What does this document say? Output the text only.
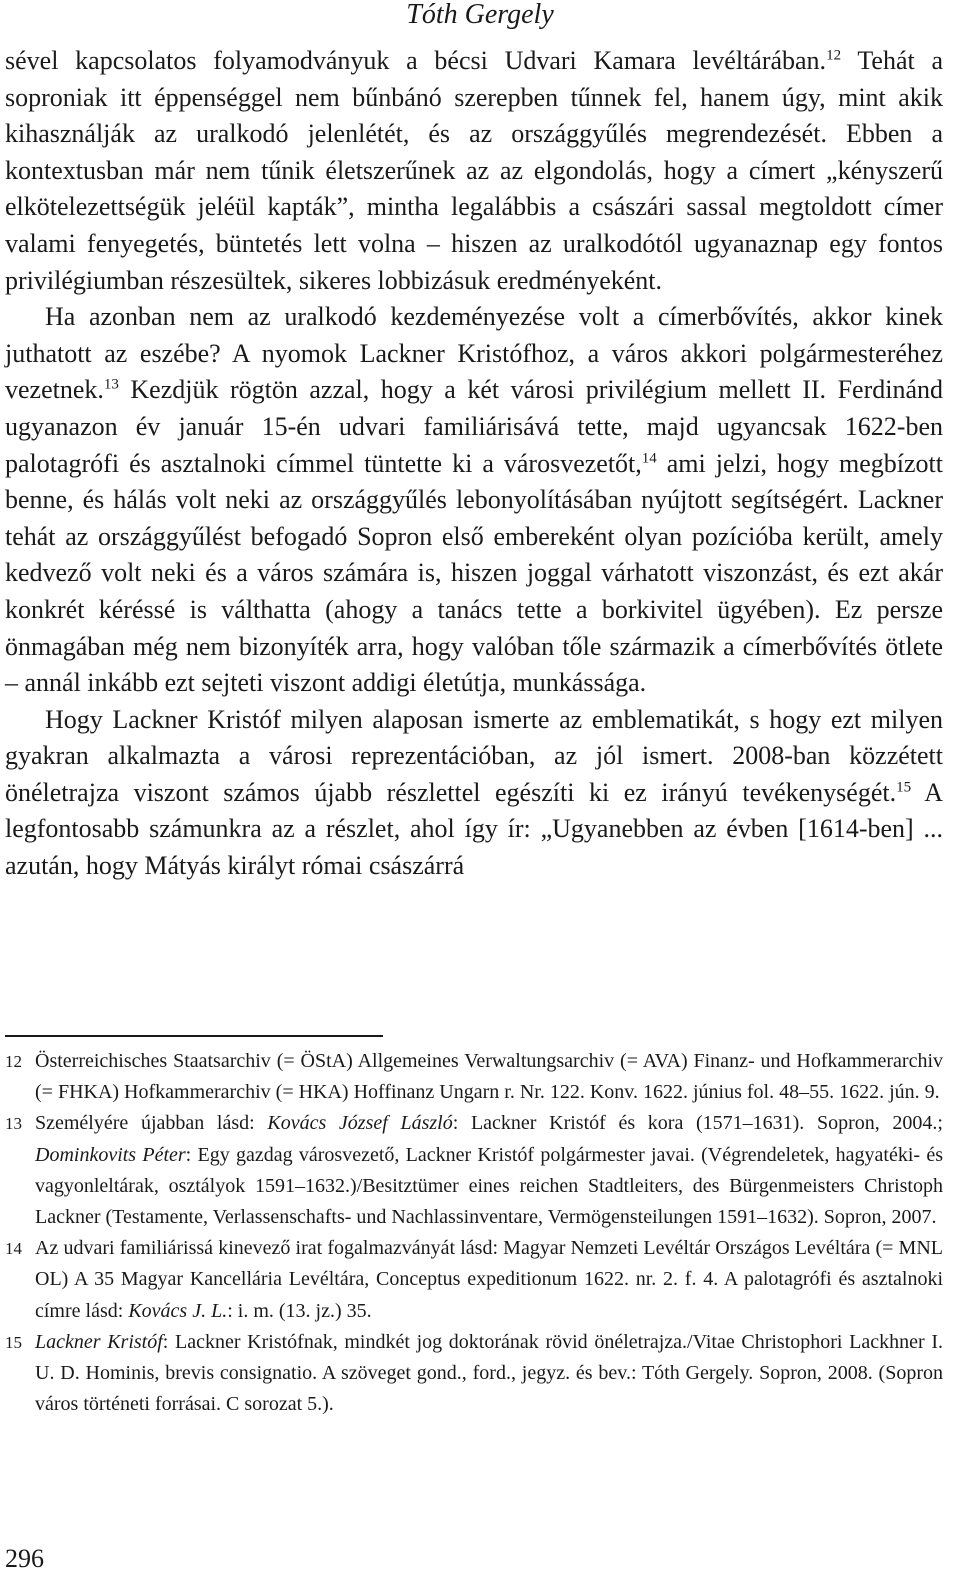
Tóth Gergely

sével kapcsolatos folyamodványuk a bécsi Udvari Kamara levéltárában.$^{12}$ Tehát a soproniak itt éppenséggel nem bűnbánó szerepben tűnnek fel, hanem úgy, mint akik kihasználják az uralkodó jelenlétét, és az országgyűlés megrendezését. Ebben a kontextusban már nem tűnik életszerűnek az az elgondolás, hogy a címert „kényszerű elkötelezettségük jeléül kapták”, mintha legalábbis a császári sassal megtoldott címer valami fenyegetés, büntetés lett volna – hiszen az uralkodótól ugyanaznap egy fontos privilégiumban részesültek, sikeres lobbizásuk eredményeként.

Ha azonban nem az uralkodó kezdeményezése volt a címerbővítés, akkor kinek juthatott az eszébe? A nyomok Lackner Kristófhoz, a város akkori polgármesteréhez vezetnek.$^{13}$ Kezdjük rögtön azzal, hogy a két városi privilégium mellett II. Ferdinánd ugyanazon év január 15-én udvari familiárisává tette, majd ugyancsak 1622-ben palotagrófi és asztalnoki címmel tüntette ki a városvezetőt,$^{14}$ ami jelzi, hogy megbízott benne, és hálás volt neki az országgyűlés lebonyolításában nyújtott segítségért. Lackner tehát az országgyűlést befogadó Sopron első embereként olyan pozícióba került, amely kedvező volt neki és a város számára is, hiszen joggal várhatott viszonzást, és ezt akár konkrét kéréssé is válthatta (ahogy a tanács tette a borkivitel ügyében). Ez persze önmagában még nem bizonyíték arra, hogy valóban tőle származik a címerbővítés ötlete – annál inkább ezt sejteti viszont addigi életútja, munkássága.

Hogy Lackner Kristóf milyen alaposan ismerte az emblematikát, s hogy ezt milyen gyakran alkalmazta a városi reprezentációban, az jól ismert. 2008-ban közzétett önéletrajza viszont számos újabb részlettel egészíti ki ez irányú tevékenységét.$^{15}$ A legfontosabb számunkra az a részlet, ahol így ír: „Ugyanebben az évben [1614-ben] ... azután, hogy Mátyás királyt római császárrá

12 Österreichisches Staatsarchiv (= ÖStA) Allgemeines Verwaltungsarchiv (= AVA) Finanz- und Hofkammerarchiv (= FHKA) Hofkammerarchiv (= HKA) Hoffinanz Ungarn r. Nr. 122. Konv. 1622. június fol. 48–55. 1622. jún. 9.
13 Személyére újabban lásd: Kovács József László: Lackner Kristóf és kora (1571–1631). Sopron, 2004.; Dominkovits Péter: Egy gazdag városvezető, Lackner Kristóf polgármester javai. (Végrendeletek, hagyatéki- és vagyonleltárak, osztályok 1591–1632.)/Besitztümer eines reichen Stadtleiters, des Bürgenmeisters Christoph Lackner (Testamente, Verlassenschafts- und Nachlassinventare, Vermögensteilungen 1591–1632). Sopron, 2007.
14 Az udvari familiárissá kinevező irat fogalmazványát lásd: Magyar Nemzeti Levéltár Országos Levéltára (= MNL OL) A 35 Magyar Kancellária Levéltára, Conceptus expeditionum 1622. nr. 2. f. 4. A palotagrófi és asztalnoki címre lásd: Kovács J. L.: i. m. (13. jz.) 35.
15 Lackner Kristóf: Lackner Kristófnak, mindkét jog doktorának rövid önéletrajza./Vitae Christophori Lackhner I. U. D. Hominis, brevis consignatio. A szöveget gond., ford., jegyz. és bev.: Tóth Gergely. Sopron, 2008. (Sopron város történeti forrásai. C sorozat 5.).
296
